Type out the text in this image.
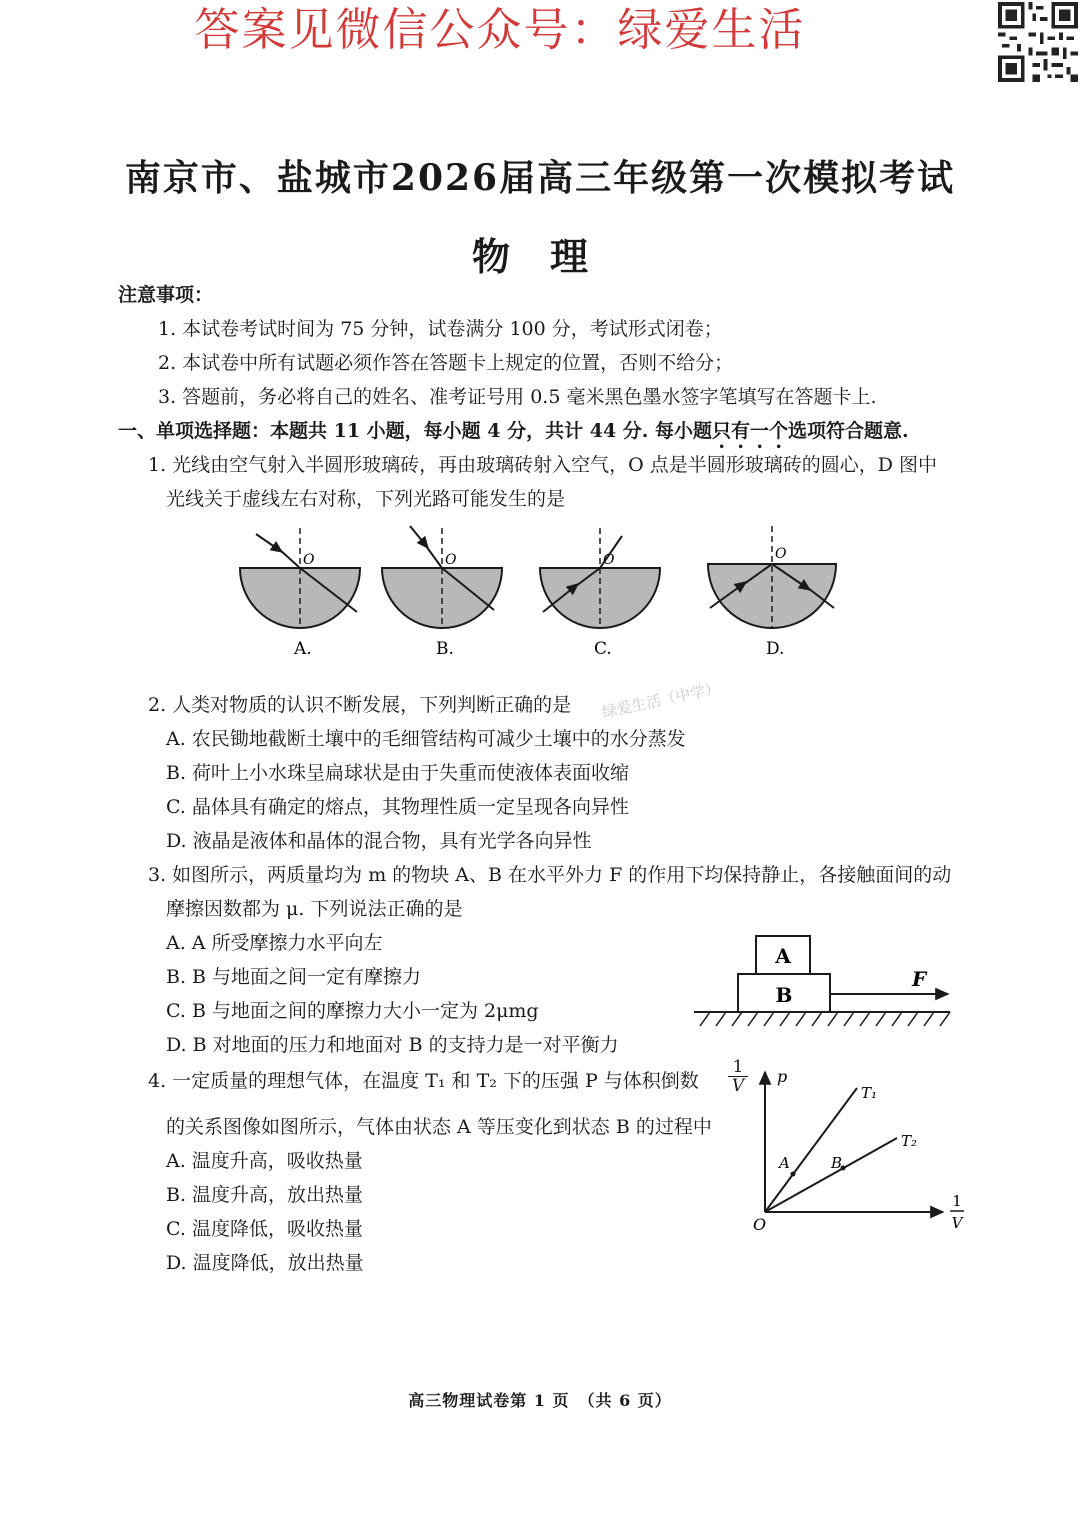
答案见微信公众号：绿爱生活
南京市、盐城市2026届高三年级第一次模拟考试
物理
注意事项：
1. 本试卷考试时间为 75 分钟，试卷满分 100 分，考试形式闭卷；
2. 本试卷中所有试题必须作答在答题卡上规定的位置，否则不给分；
3. 答题前，务必将自己的姓名、准考证号用 0.5 毫米黑色墨水签字笔填写在答题卡上.
一、单项选择题：本题共 11 小题，每小题 4 分，共计 44 分. 每小题只有一个选项符合题意.
1. 光线由空气射入半圆形玻璃砖，再由玻璃砖射入空气，O 点是半圆形玻璃砖的圆心，D 图中
光线关于虚线左右对称，下列光路可能发生的是
O
A.
O
B.
O
C.
O
D.
2. 人类对物质的认识不断发展，下列判断正确的是 绿爱生活（中学）
A. 农民锄地截断土壤中的毛细管结构可减少土壤中的水分蒸发
B. 荷叶上小水珠呈扁球状是由于失重而使液体表面收缩
C. 晶体具有确定的熔点，其物理性质一定呈现各向异性
D. 液晶是液体和晶体的混合物，具有光学各向异性
3. 如图所示，两质量均为 m 的物块 A、B 在水平外力 F 的作用下均保持静止，各接触面间的动
摩擦因数都为 μ. 下列说法正确的是
A. A 所受摩擦力水平向左
B. B 与地面之间一定有摩擦力
C. B 与地面之间的摩擦力大小一定为 2μmg
D. B 对地面的压力和地面对 B 的支持力是一对平衡力
A
B
F
4. 一定质量的理想气体，在温度 T₁ 和 T₂ 下的压强 P 与体积倒数 $\frac{1}{V}$
的关系图像如图所示，气体由状态 A 等压变化到状态 B 的过程中
A. 温度升高，吸收热量
B. 温度升高，放出热量
C. 温度降低，吸收热量
D. 温度降低，放出热量
p
O
T₁
T₂
A	B
1
V
高三物理试卷第 1 页　（共 6 页）
